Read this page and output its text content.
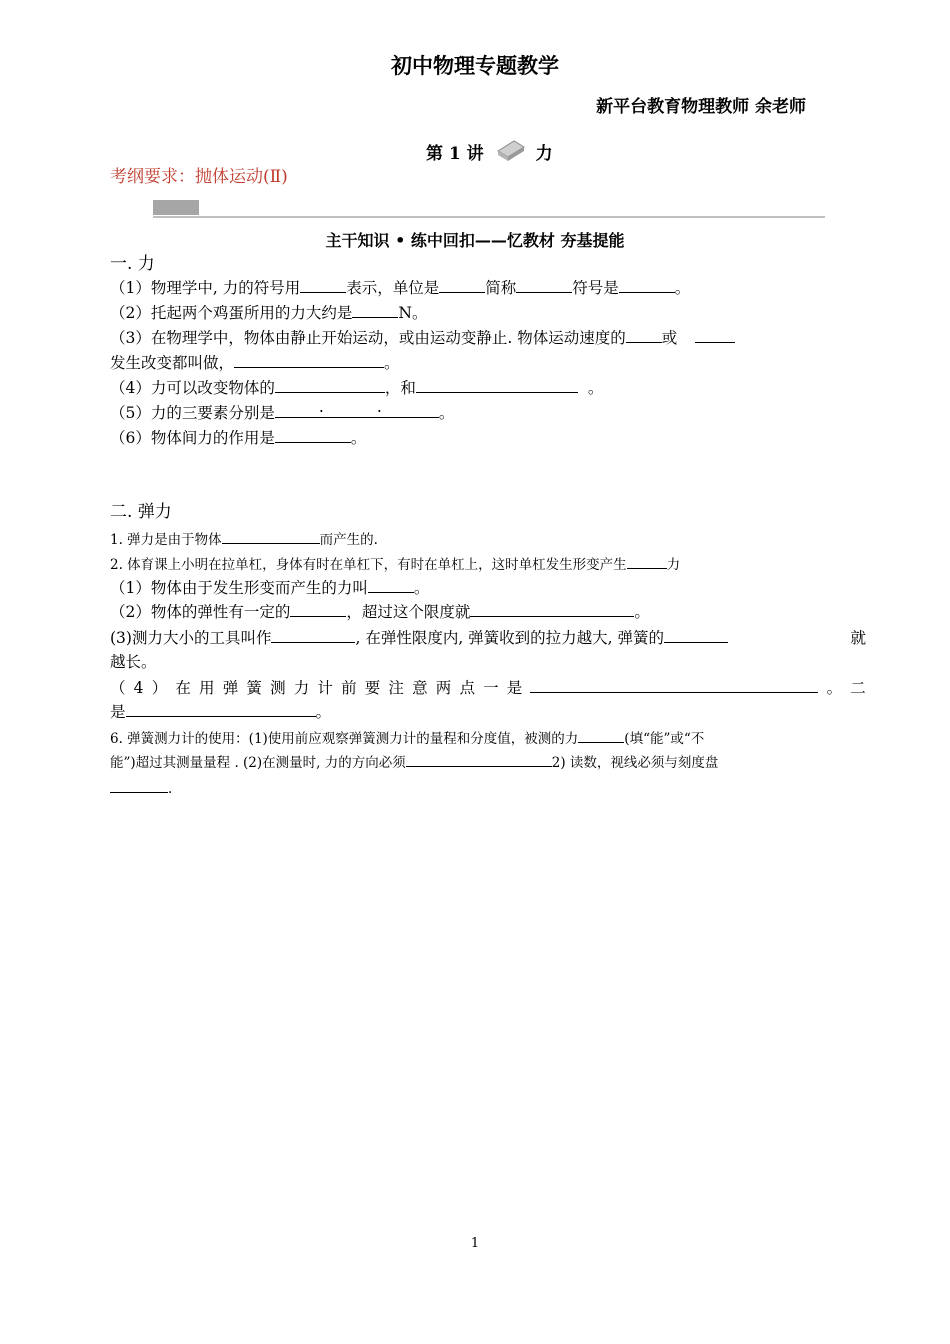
初中物理专题教学
新平台教育物理教师 余老师
第 1 讲	力
考纲要求：抛体运动(Ⅱ)
主干知识 • 练中回扣——忆教材 夯基提能
一. 力
（1）物理学中, 力的符号用	表示，单位是	简称	符号是	。
（2）托起两个鸡蛋所用的力大约是	N。
（3）在物理学中，物体由静止开始运动，或由运动变静止. 物体运动速度的 或
发生改变都叫做，	。
（4）力可以改变物体的	，和	。
（5）力的三要素分别是	.	.	。
（6）物体间力的作用是	。
二. 弹力
1. 弹力是由于物体	而产生的.
2. 体育课上小明在拉单杠，身体有时在单杠下，有时在单杠上，这时单杠发生形变产生	力
（1）物体由于发生形变而产生的力叫	。
（2）物体的弹性有一定的	，超过这个限度就	。
(3)测力大小的工具叫作	, 在弹性限度内, 弹簧收到的拉力越大, 弹簧的	就
越长。
（ 4 ） 在 用 弹 簧 测 力 计 前 要 注 意 两 点 一 是	。 二
是	。
6. 弹簧测力计的使用：(1)使用前应观察弹簧测力计的量程和分度值，被测的力	(填“能”或“不
能”)超过其测量量程 . (2)在测量时, 力的方向必须	2) 读数，视线必须与刻度盘
.
1
